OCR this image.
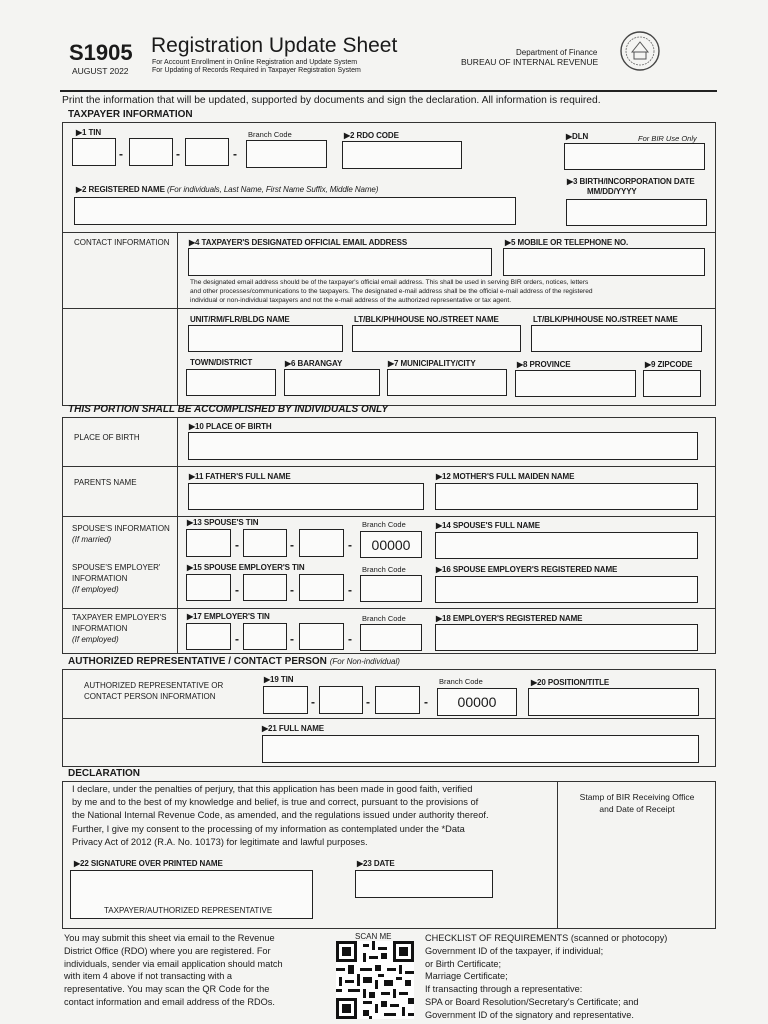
S1905
AUGUST 2022
Registration Update Sheet
For Account Enrollment in Online Registration and Update System
For Updating of Records Required in Taxpayer Registration System
Department of Finance
BUREAU OF INTERNAL REVENUE
Print the information that will be updated, supported by documents and sign the declaration. All information is required.
TAXPAYER INFORMATION
▶1 TIN
-	-	-
Branch Code	▶2 RDO CODE	▶DLN	For BIR Use Only
▶2 REGISTERED NAME (For individuals, Last Name, First Name Suffix, Middle Name)
▶3 BIRTH/INCORPORATION DATE
MM/DD/YYYY
CONTACT INFORMATION ▶4 TAXPAYER'S DESIGNATED OFFICIAL EMAIL ADDRESS	▶5 MOBILE OR TELEPHONE NO.
The designated email address should be of the taxpayer's official email address. This shall be used in serving BIR orders, notices, letters
and other processes/communications to the taxpayers. The designated e-mail address shall be the official e-mail address of the registered
individual or non-individual taxpayers and not the e-mail address of the authorized representative or tax agent.
UNIT/RM/FLR/BLDG NAME	LT/BLK/PH/HOUSE NO./STREET NAME	LT/BLK/PH/HOUSE NO./STREET NAME
TOWN/DISTRICT	▶6 BARANGAY	▶7 MUNICIPALITY/CITY	▶8 PROVINCE	▶9 ZIPCODE
THIS PORTION SHALL BE ACCOMPLISHED BY INDIVIDUALS ONLY
PLACE OF BIRTH
▶10 PLACE OF BIRTH
PARENTS NAME
▶11 FATHER'S FULL NAME	▶12 MOTHER'S FULL MAIDEN NAME
SPOUSE'S INFORMATION
(If married)
▶13 SPOUSE'S TIN
-	-	-
Branch Code
00000
▶14 SPOUSE'S FULL NAME
SPOUSE'S EMPLOYER'
INFORMATION
(If employed)
▶15 SPOUSE EMPLOYER'S TIN
-	-	-
Branch Code	▶16 SPOUSE EMPLOYER'S REGISTERED NAME
TAXPAYER EMPLOYER'S
INFORMATION
(If employed)
▶17 EMPLOYER'S TIN
-	-	-
Branch Code	▶18 EMPLOYER'S REGISTERED NAME
AUTHORIZED REPRESENTATIVE / CONTACT PERSON (For Non-individual)
AUTHORIZED REPRESENTATIVE OR
CONTACT PERSON INFORMATION
▶19 TIN
-	-	-
Branch Code
00000
▶20 POSITION/TITLE
▶21 FULL NAME
DECLARATION
I declare, under the penalties of perjury, that this application has been made in good faith, verified
by me and to the best of my knowledge and belief, is true and correct, pursuant to the provisions of
the National Internal Revenue Code, as amended, and the regulations issued under authority thereof.
Further, I give my consent to the processing of my information as contemplated under the *Data
Privacy Act of 2012 (R.A. No. 10173) for legitimate and lawful purposes.
Stamp of BIR Receiving Office
and Date of Receipt
▶22 SIGNATURE OVER PRINTED NAME
TAXPAYER/AUTHORIZED REPRESENTATIVE
▶23 DATE
You may submit this sheet via email to the Revenue
District Office (RDO) where you are registered. For
individuals, sender via email application should match
with item 4 above if not transacting with a
representative. You may scan the QR Code for the
contact information and email address of the RDOs.
SCAN ME	CHECKLIST OF REQUIREMENTS (scanned or photocopy)
Government ID of the taxpayer, if individual;
or Birth Certificate;
Marriage Certificate;
If transacting through a representative:
SPA or Board Resolution/Secretary's Certificate; and
Government ID of the signatory and representative.
